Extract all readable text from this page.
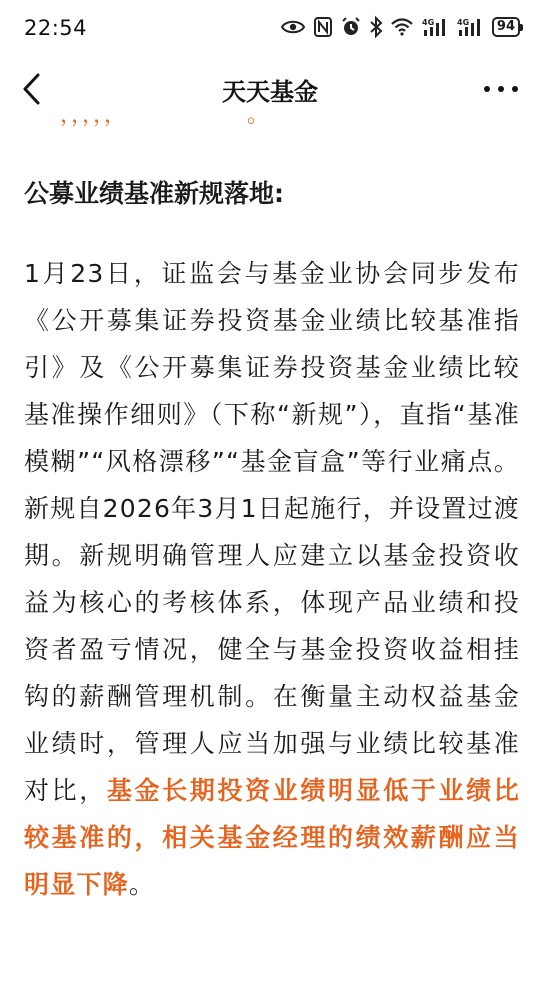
22:54	4G	4G	94
天天基金
，，，，，　　　　　　。
公募业绩基准新规落地:

1月23日，证监会与基金业协会同步发布《公开募集证券投资基金业绩比较基准指引》及《公开募集证券投资基金业绩比较基准操作细则》（下称“新规”），直指“基准模糊”“风格漂移”“基金盲盒”等行业痛点。新规自2026年3月1日起施行，并设置过渡期。新规明确管理人应建立以基金投资收益为核心的考核体系，体现产品业绩和投资者盈亏情况，健全与基金投资收益相挂钩的薪酬管理机制。在衡量主动权益基金业绩时，管理人应当加强与业绩比较基准对比，基金长期投资业绩明显低于业绩比较基准的，相关基金经理的绩效薪酬应当明显下降。
